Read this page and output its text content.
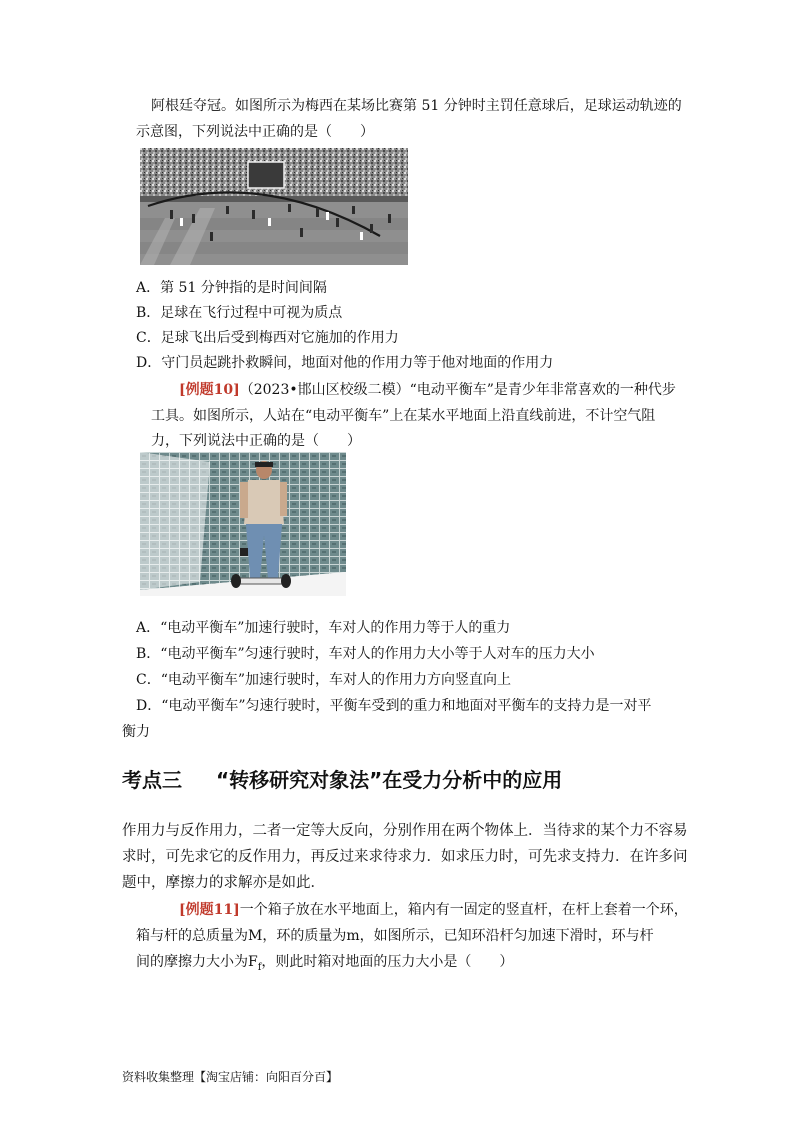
阿根廷夺冠。如图所示为梅西在某场比赛第 51 分钟时主罚任意球后，足球运动轨迹的
示意图，下列说法中正确的是（　　）
A．第 51 分钟指的是时间间隔
B．足球在飞行过程中可视为质点
C．足球飞出后受到梅西对它施加的作用力
D．守门员起跳扑救瞬间，地面对他的作用力等于他对地面的作用力
[例题10]（2023•邯山区校级二模）“电动平衡车”是青少年非常喜欢的一种代步
工具。如图所示，人站在“电动平衡车”上在某水平地面上沿直线前进，不计空气阻
力，下列说法中正确的是（　　）
A．“电动平衡车”加速行驶时，车对人的作用力等于人的重力
B．“电动平衡车”匀速行驶时，车对人的作用力大小等于人对车的压力大小
C．“电动平衡车”加速行驶时，车对人的作用力方向竖直向上
D．“电动平衡车”匀速行驶时，平衡车受到的重力和地面对平衡车的支持力是一对平
衡力
考点三 “转移研究对象法”在受力分析中的应用
作用力与反作用力，二者一定等大反向，分别作用在两个物体上．当待求的某个力不容易
求时，可先求它的反作用力，再反过来求待求力．如求压力时，可先求支持力．在许多问
题中，摩擦力的求解亦是如此．
[例题11]一个箱子放在水平地面上，箱内有一固定的竖直杆，在杆上套着一个环，
箱与杆的总质量为M，环的质量为m，如图所示，已知环沿杆匀加速下滑时，环与杆
间的摩擦力大小为$F_f$，则此时箱对地面的压力大小是（　　）
资料收集整理【淘宝店铺：向阳百分百】
